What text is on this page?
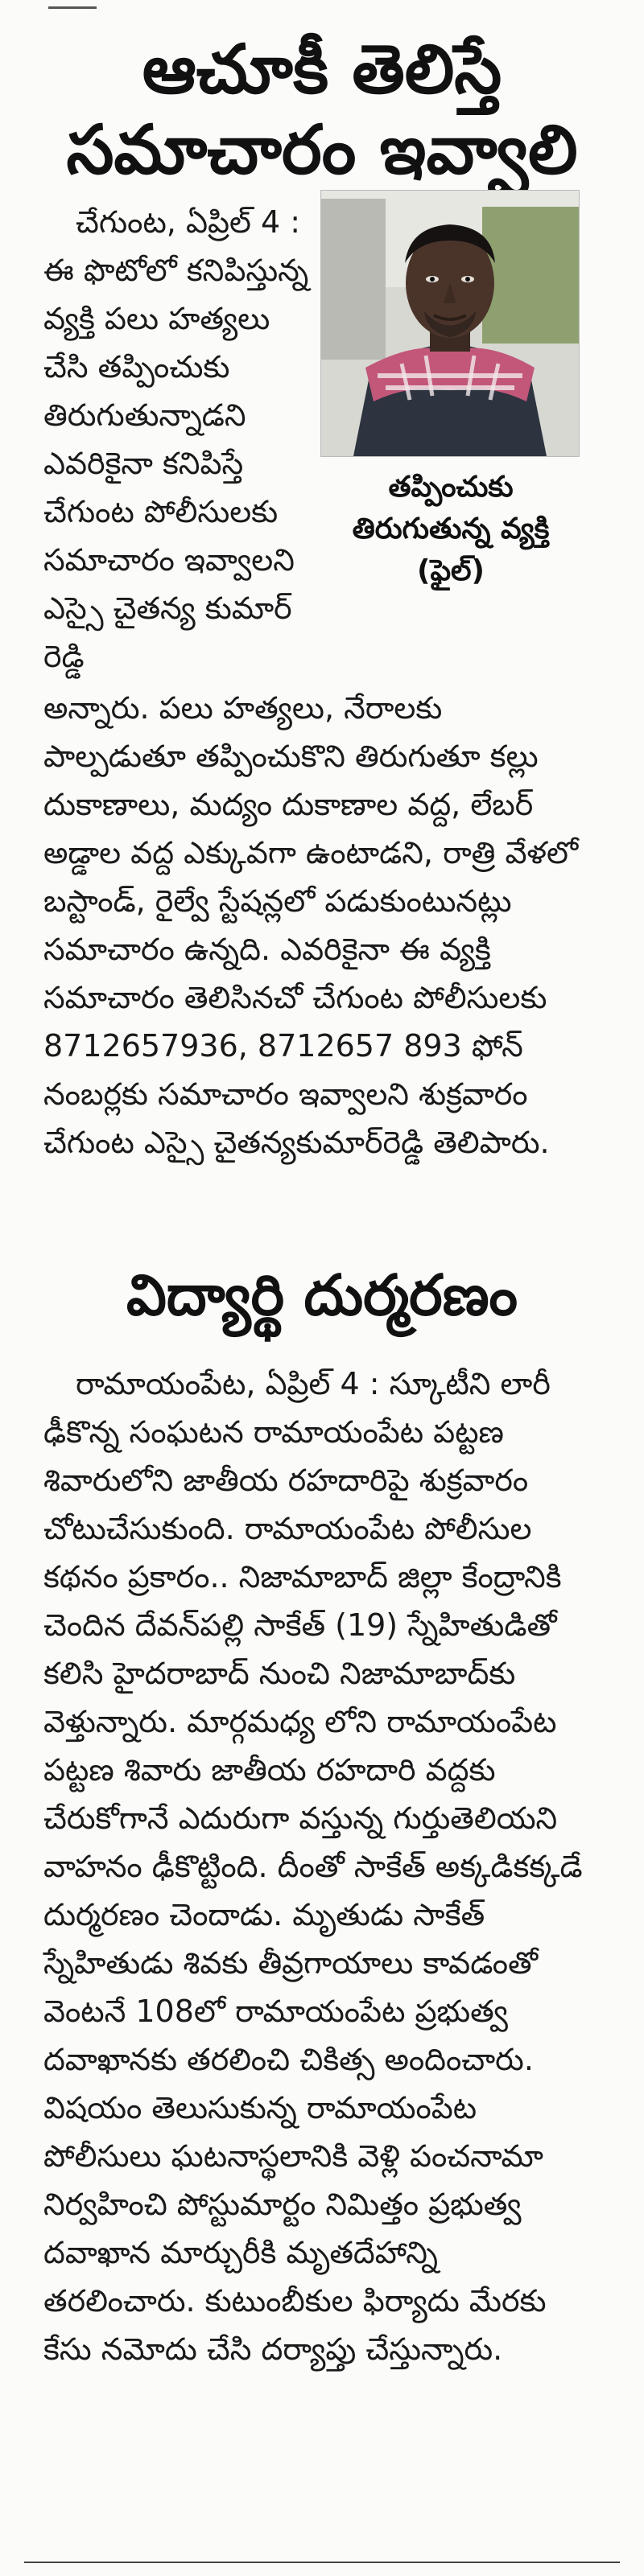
ఆచూకీ తెలిస్తే
సమాచారం ఇవ్వాలి

చేగుంట, ఏప్రిల్ 4 : ఈ ఫొటోలో కనిపిస్తున్న వ్యక్తి పలు హత్యలు చేసి తప్పించుకు తిరుగుతున్నాడని ఎవరికైనా కనిపిస్తే చేగుంట పోలీసులకు సమాచారం ఇవ్వాలని ఎస్సై చైతన్య కుమార్ రెడ్డి

తప్పించుకు తిరుగుతున్న వ్యక్తి (ఫైల్)

అన్నారు. పలు హత్యలు, నేరాలకు పాల్పడుతూ తప్పించుకొని తిరుగుతూ కల్లు దుకాణాలు, మద్యం దుకాణాల వద్ద, లేబర్ అడ్డాల వద్ద ఎక్కువగా ఉంటాడని, రాత్రి వేళలో బస్టాండ్, రైల్వే స్టేషన్లలో పడుకుంటునట్లు సమాచారం ఉన్నది. ఎవరికైనా ఈ వ్యక్తి సమాచారం తెలిసినచో చేగుంట పోలీసులకు 8712657936, 8712657 893 ఫోన్ నంబర్లకు సమాచారం ఇవ్వాలని శుక్రవారం చేగుంట ఎస్సై చైతన్యకుమార్‌రెడ్డి తెలిపారు.

విద్యార్థి దుర్మరణం

రామాయంపేట, ఏప్రిల్ 4 : స్కూటీని లారీ ఢీకొన్న సంఘటన రామాయంపేట పట్టణ శివారులోని జాతీయ రహదారిపై శుక్రవారం చోటుచేసుకుంది. రామాయంపేట పోలీసుల కథనం ప్రకారం.. నిజామాబాద్ జిల్లా కేంద్రానికి చెందిన దేవన్‌పల్లి సాకేత్ (19) స్నేహితుడితో కలిసి హైదరాబాద్ నుంచి నిజామాబాద్‌కు వెళ్తున్నారు. మార్గమధ్య లోని రామాయంపేట పట్టణ శివారు జాతీయ రహదారి వద్దకు చేరుకోగానే ఎదురుగా వస్తున్న గుర్తుతెలియని వాహనం ఢీకొట్టింది. దీంతో సాకేత్ అక్కడికక్కడే దుర్మరణం చెందాడు. మృతుడు సాకేత్ స్నేహితుడు శివకు తీవ్రగాయాలు కావడంతో వెంటనే 108లో రామాయంపేట ప్రభుత్వ దవాఖానకు తరలించి చికిత్స అందించారు. విషయం తెలుసుకున్న రామాయంపేట పోలీసులు ఘటనాస్థలానికి వెళ్లి పంచనామా నిర్వహించి పోస్టుమార్టం నిమిత్తం ప్రభుత్వ దవాఖాన మార్చురీకి మృతదేహాన్ని తరలించారు. కుటుంబీకుల ఫిర్యాదు మేరకు కేసు నమోదు చేసి దర్యాప్తు చేస్తున్నారు.
